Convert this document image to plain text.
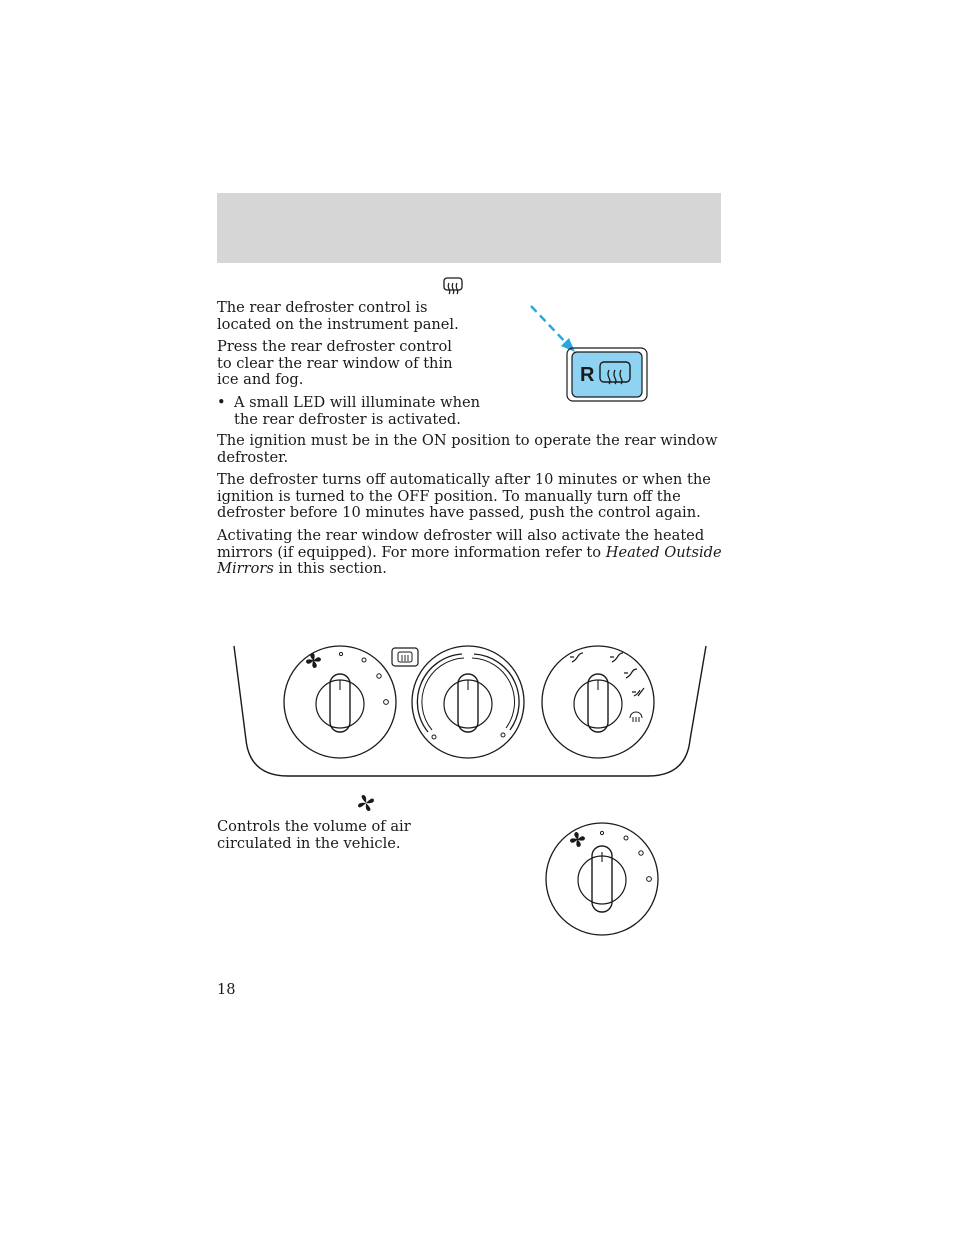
The rear defroster control is located on the instrument panel.

Press the rear defroster control to clear the rear window of thin ice and fog.

• A small LED will illuminate when the rear defroster is activated.

The ignition must be in the ON position to operate the rear window defroster.

The defroster turns off automatically after 10 minutes or when the ignition is turned to the OFF position. To manually turn off the defroster before 10 minutes have passed, push the control again.

Activating the rear window defroster will also activate the heated mirrors (if equipped). For more information refer to Heated Outside Mirrors in this section.

R

Controls the volume of air circulated in the vehicle.

18
